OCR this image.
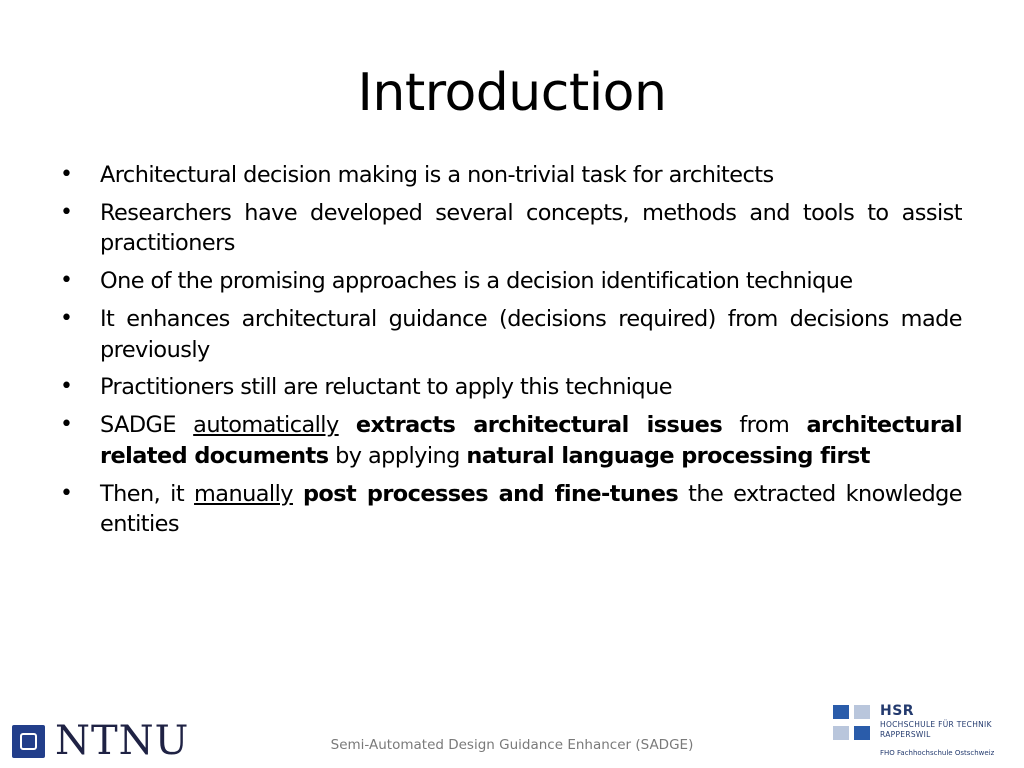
Introduction
• Architectural decision making is a non-trivial task for architects
• Researchers have developed several concepts, methods and tools to assist practitioners
• One of the promising approaches is a decision identification technique
• It enhances architectural guidance (decisions required) from decisions made previously
• Practitioners still are reluctant to apply this technique
• SADGE automatically extracts architectural issues from architectural related documents by applying natural language processing first
• Then, it manually post processes and fine-tunes the extracted knowledge entities
NTNU	Semi-Automated Design Guidance Enhancer (SADGE)
HSR
HOCHSCHULE FÜR TECHNIK
RAPPERSWIL
FHO Fachhochschule Ostschweiz
